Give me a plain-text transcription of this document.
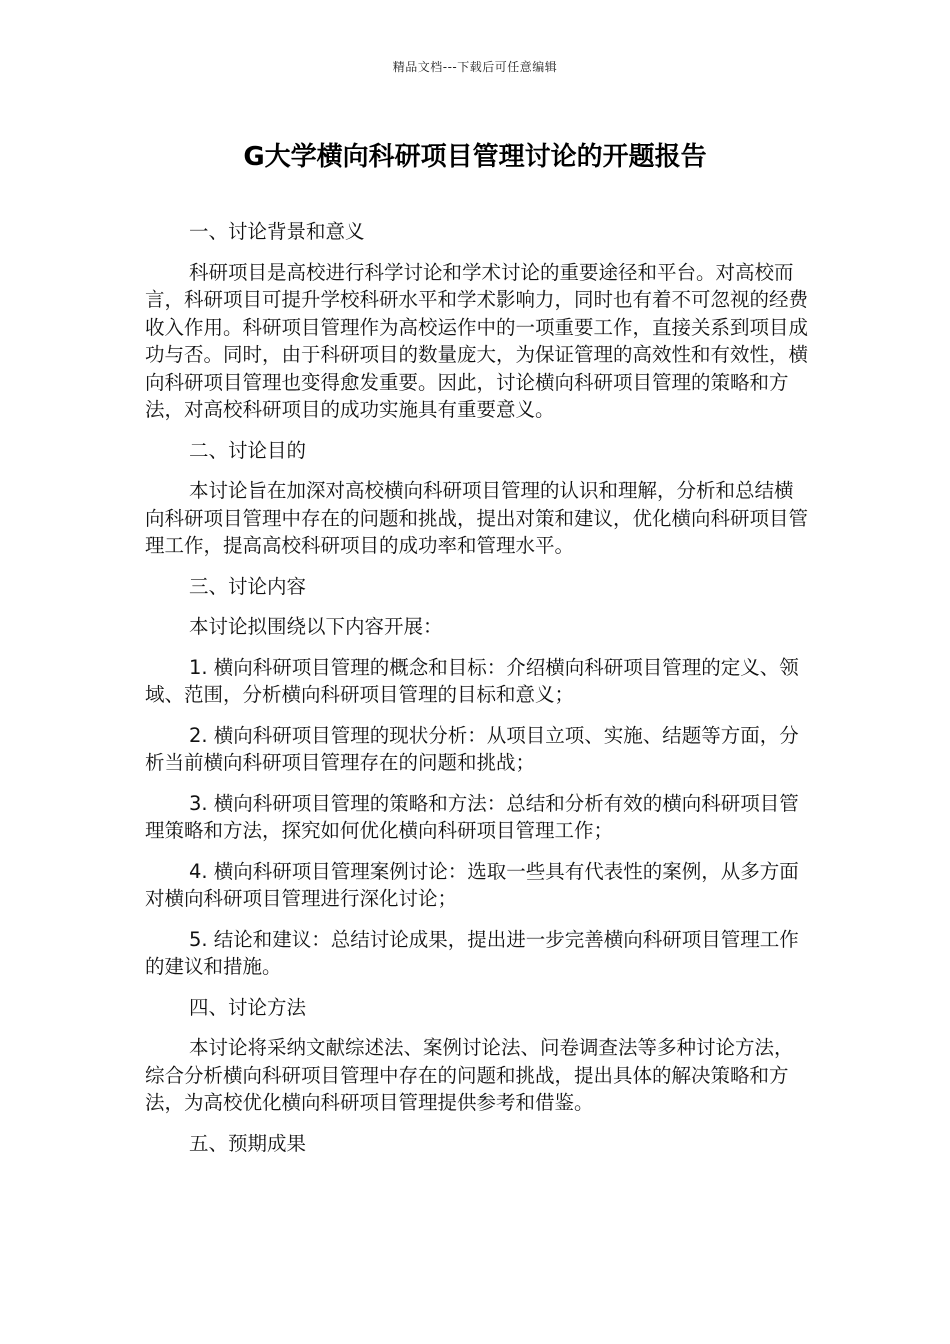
精品文档---下载后可任意编辑
G大学横向科研项目管理讨论的开题报告

一、讨论背景和意义

科研项目是高校进行科学讨论和学术讨论的重要途径和平台。对高校而言，科研项目可提升学校科研水平和学术影响力，同时也有着不可忽视的经费收入作用。科研项目管理作为高校运作中的一项重要工作，直接关系到项目成功与否。同时，由于科研项目的数量庞大，为保证管理的高效性和有效性，横向科研项目管理也变得愈发重要。因此，讨论横向科研项目管理的策略和方法，对高校科研项目的成功实施具有重要意义。

二、讨论目的

本讨论旨在加深对高校横向科研项目管理的认识和理解，分析和总结横向科研项目管理中存在的问题和挑战，提出对策和建议，优化横向科研项目管理工作，提高高校科研项目的成功率和管理水平。

三、讨论内容

本讨论拟围绕以下内容开展：

1. 横向科研项目管理的概念和目标：介绍横向科研项目管理的定义、领域、范围，分析横向科研项目管理的目标和意义；

2. 横向科研项目管理的现状分析：从项目立项、实施、结题等方面，分析当前横向科研项目管理存在的问题和挑战；

3. 横向科研项目管理的策略和方法：总结和分析有效的横向科研项目管理策略和方法，探究如何优化横向科研项目管理工作；

4. 横向科研项目管理案例讨论：选取一些具有代表性的案例，从多方面对横向科研项目管理进行深化讨论；

5. 结论和建议：总结讨论成果，提出进一步完善横向科研项目管理工作的建议和措施。

四、讨论方法

本讨论将采纳文献综述法、案例讨论法、问卷调查法等多种讨论方法，综合分析横向科研项目管理中存在的问题和挑战，提出具体的解决策略和方法，为高校优化横向科研项目管理提供参考和借鉴。

五、预期成果
